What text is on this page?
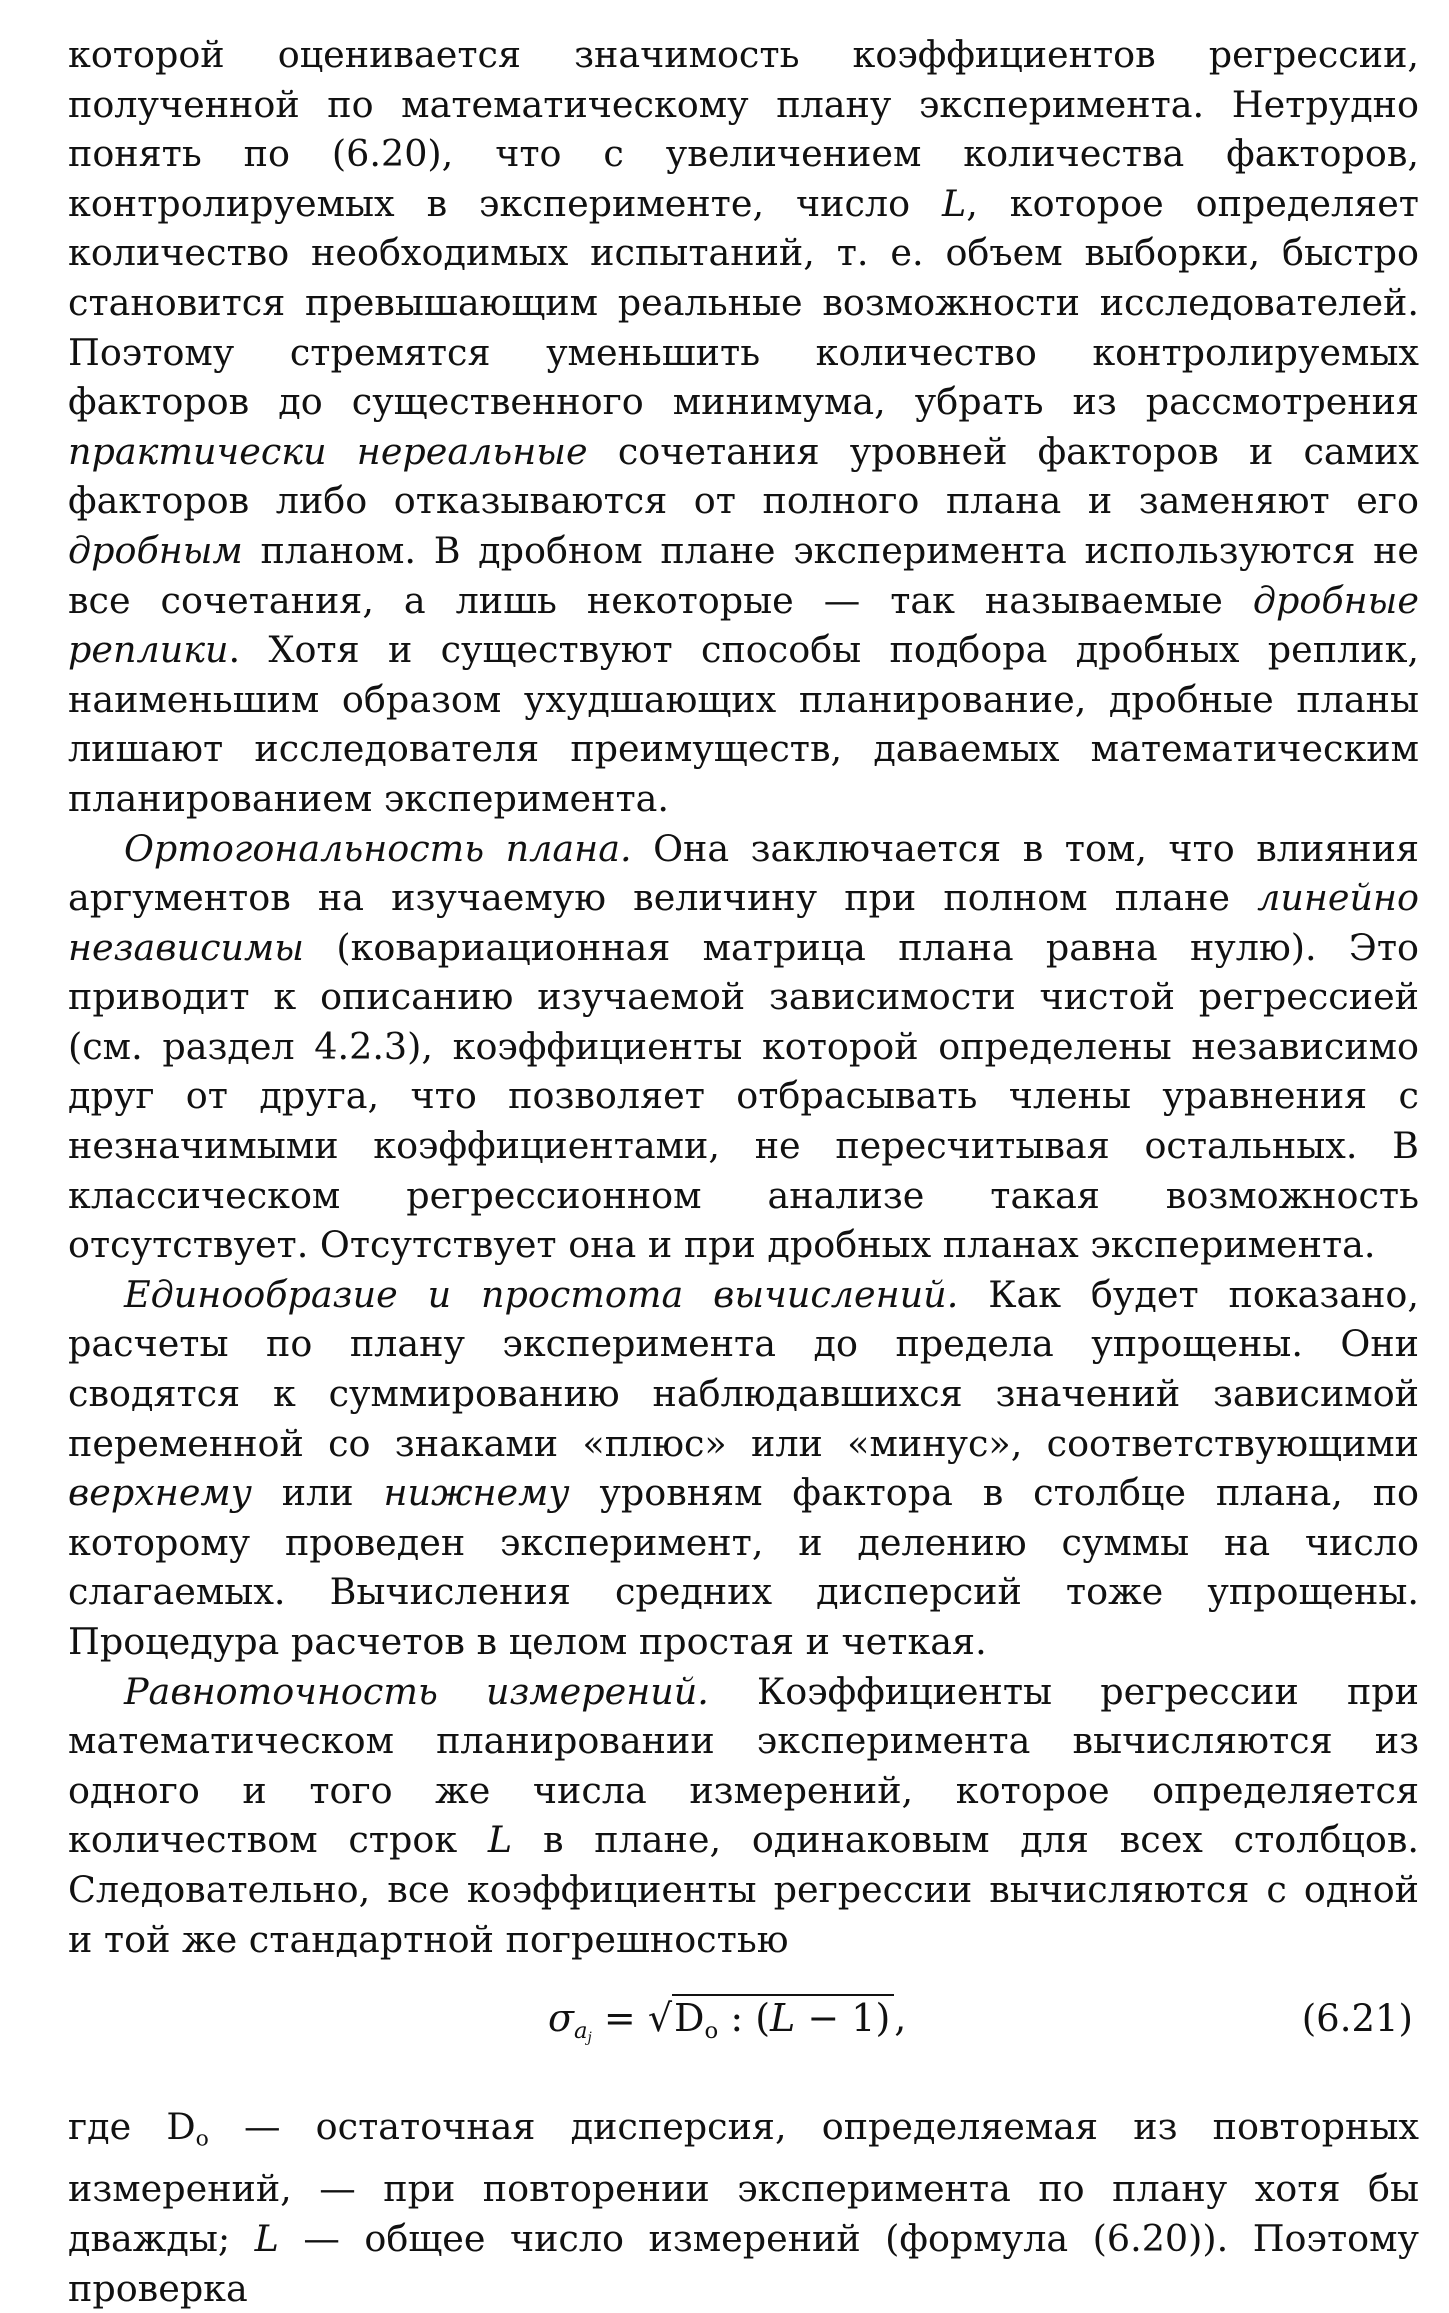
которой оценивается значимость коэффициентов регрессии, полученной по математическому плану эксперимента. Нетрудно понять по (6.20), что с увеличением количества факторов, контролируемых в эксперименте, число L, которое определяет количество необходимых испытаний, т. е. объем выборки, быстро становится превышающим реальные возможности исследователей. Поэтому стремятся уменьшить количество контролируемых факторов до существенного минимума, убрать из рассмотрения практически нереальные сочетания уровней факторов и самих факторов либо отказываются от полного плана и заменяют его дробным планом. В дробном плане эксперимента используются не все сочетания, а лишь некоторые — так называемые дробные реплики. Хотя и существуют способы подбора дробных реплик, наименьшим образом ухудшающих планирование, дробные планы лишают исследователя преимуществ, даваемых математическим планированием эксперимента.

Ортогональность плана. Она заключается в том, что влияния аргументов на изучаемую величину при полном плане линейно независимы (ковариационная матрица плана равна нулю). Это приводит к описанию изучаемой зависимости чистой регрессией (см. раздел 4.2.3), коэффициенты которой определены независимо друг от друга, что позволяет отбрасывать члены уравнения с незначимыми коэффициентами, не пересчитывая остальных. В классическом регрессионном анализе такая возможность отсутствует. Отсутствует она и при дробных планах эксперимента.

Единообразие и простота вычислений. Как будет показано, расчеты по плану эксперимента до предела упрощены. Они сводятся к суммированию наблюдавшихся значений зависимой переменной со знаками «плюс» или «минус», соответствующими верхнему или нижнему уровням фактора в столбце плана, по которому проведен эксперимент, и делению суммы на число слагаемых. Вычисления средних дисперсий тоже упрощены. Процедура расчетов в целом простая и четкая.

Равноточность измерений. Коэффициенты регрессии при математическом планировании эксперимента вычисляются из одного и того же числа измерений, которое определяется количеством строк L в плане, одинаковым для всех столбцов. Следовательно, все коэффициенты регрессии вычисляются с одной и той же стандартной погрешностью

$\sigma_{a_j} = √D_o$ : (L − 1) ,	(6.21)

где $D_o$ — остаточная дисперсия, определяемая из повторных измерений, — при повторении эксперимента по плану хотя бы дважды; L — общее число измерений (формула (6.20)). Поэтому проверка
